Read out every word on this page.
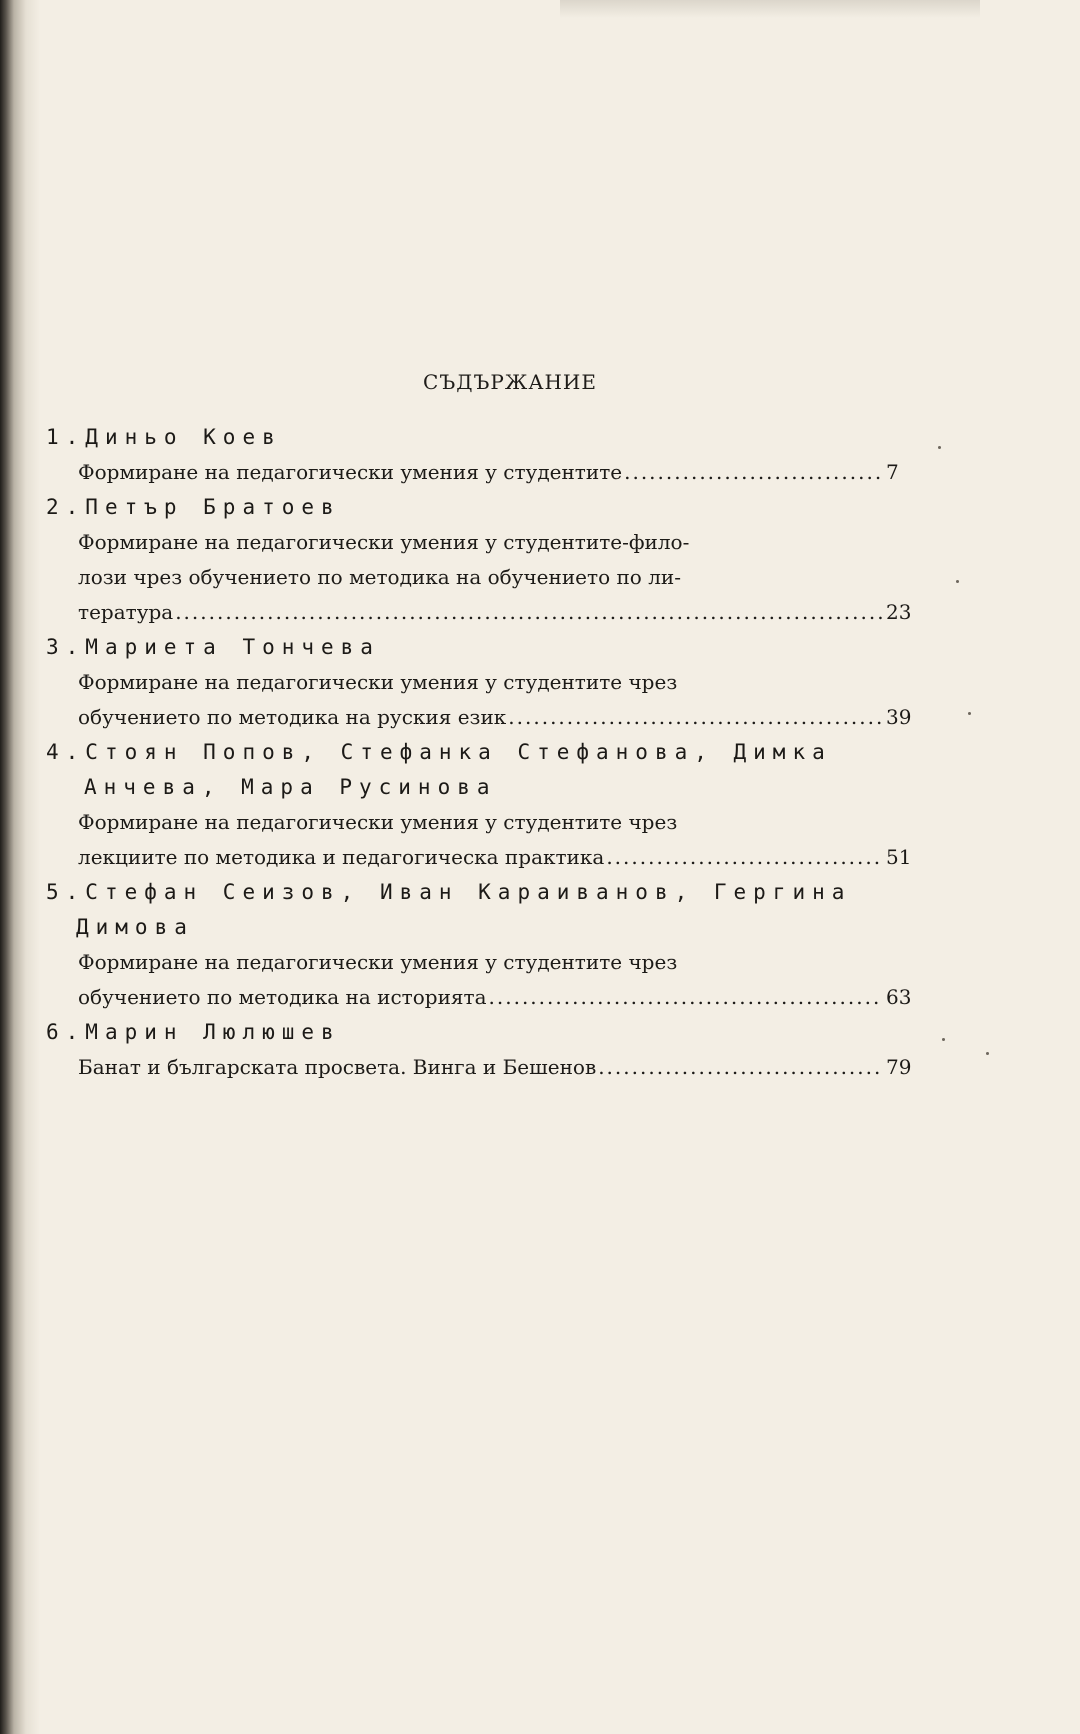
СЪДЪРЖАНИЕ
1.Диньо Коев
Формиране на педагогически умения у студентите .....	7
2.Петър Братоев
Формиране на педагогически умения у студентите-фило-
лози чрез обучението по методика на обучението по ли-
тература .....	23
3.Мариета Тончева
Формиране на педагогически умения у студентите чрез
обучението по методика на руския език .....	39
4.Стоян Попов, Стефанка Стефанова, Димка
Анчева, Мара Русинова
Формиране на педагогически умения у студентите чрез
лекциите по методика и педагогическа практика .....	51
5.Стефан Сеизов, Иван Караиванов, Гергина
Димова
Формиране на педагогически умения у студентите чрез
обучението по методика на историята .....	63
6.Марин Люлюшев
Банат и българската просвета. Винга и Бешенов .....	79
